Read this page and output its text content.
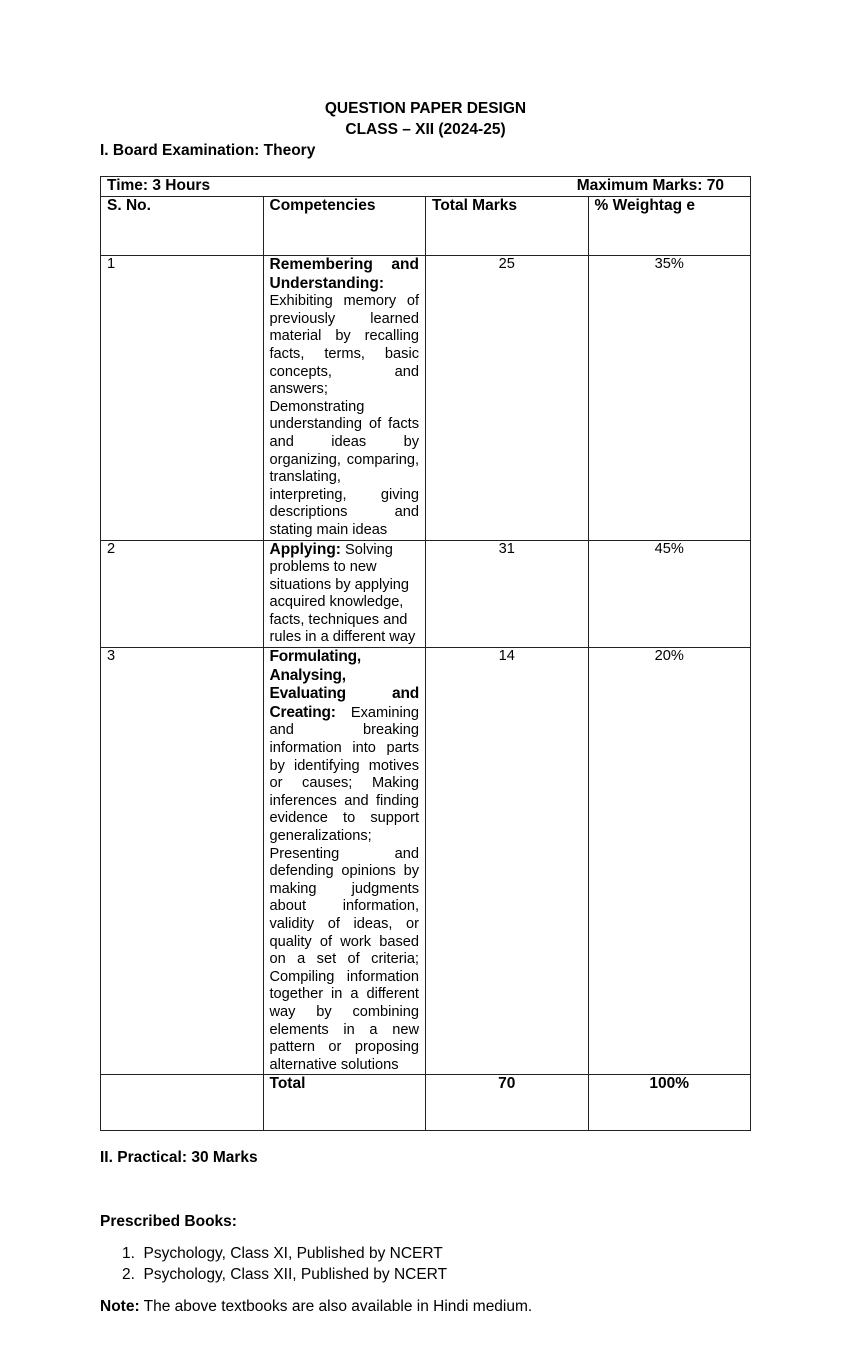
QUESTION PAPER DESIGN
CLASS – XII (2024-25)
I. Board Examination: Theory
Time: 3 Hours Maximum Marks: 70			

S. No.	Competencies	Total Marks	% Weightag e
1	Remembering and Understanding: Exhibiting memory of previously learned material by recalling facts, terms, basic concepts, and answers; Demonstrating understanding of facts and ideas by organizing, comparing, translating, interpreting, giving descriptions and stating main ideas	25	35%
2	Applying: Solving problems to new situations by applying acquired knowledge, facts, techniques and rules in a different way	31	45%
3	Formulating, Analysing, Evaluating and Creating: Examining and breaking information into parts by identifying motives or causes; Making inferences and finding evidence to support generalizations; Presenting and defending opinions by making judgments about information, validity of ideas, or quality of work based on a set of criteria; Compiling information together in a different way by combining elements in a new pattern or proposing alternative solutions	14	20%
	Total	70	100%
II. Practical: 30 Marks
Prescribed Books:
1.  Psychology, Class XI, Published by NCERT
2.  Psychology, Class XII, Published by NCERT
Note: The above textbooks are also available in Hindi medium.
